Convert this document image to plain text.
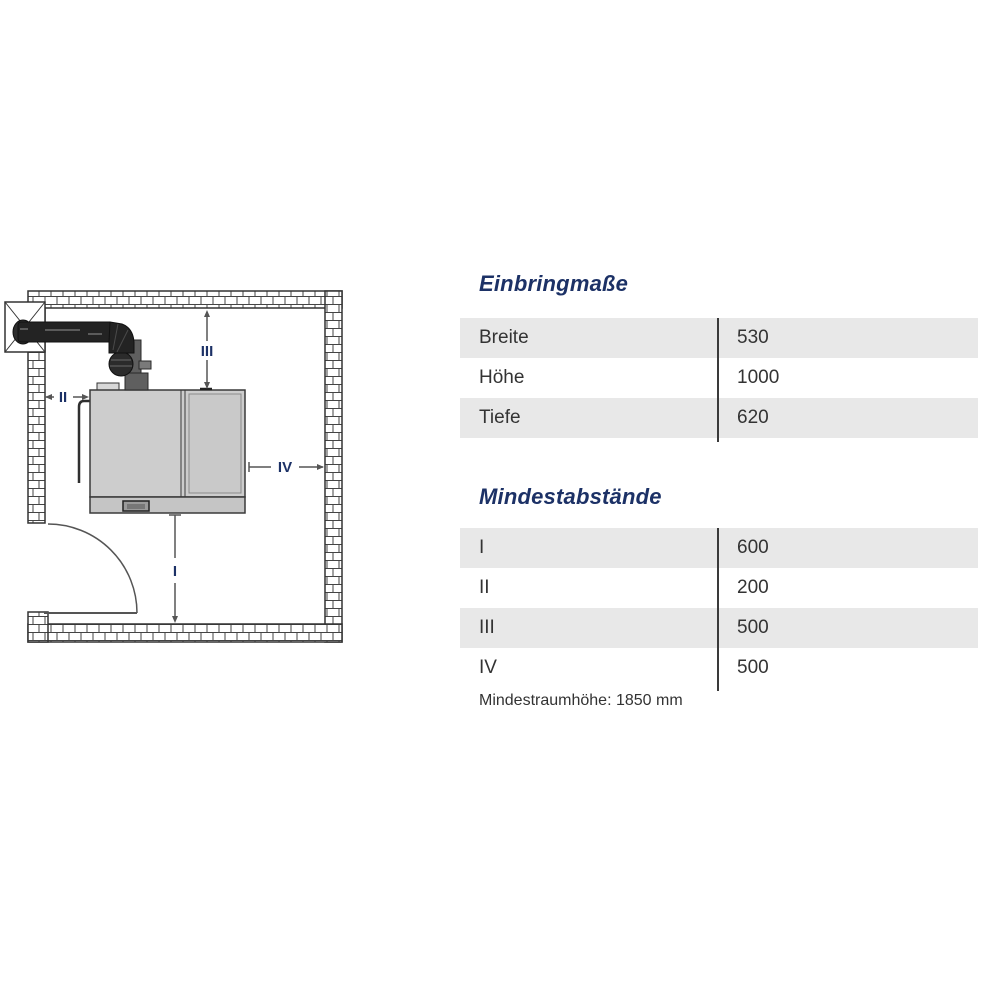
II
III
IV
I
Einbringmaße
Breite	530
Höhe	1000
Tiefe	620
Mindestabstände
I	600
II	200
III	500
IV	500
Mindestraumhöhe: 1850 mm
